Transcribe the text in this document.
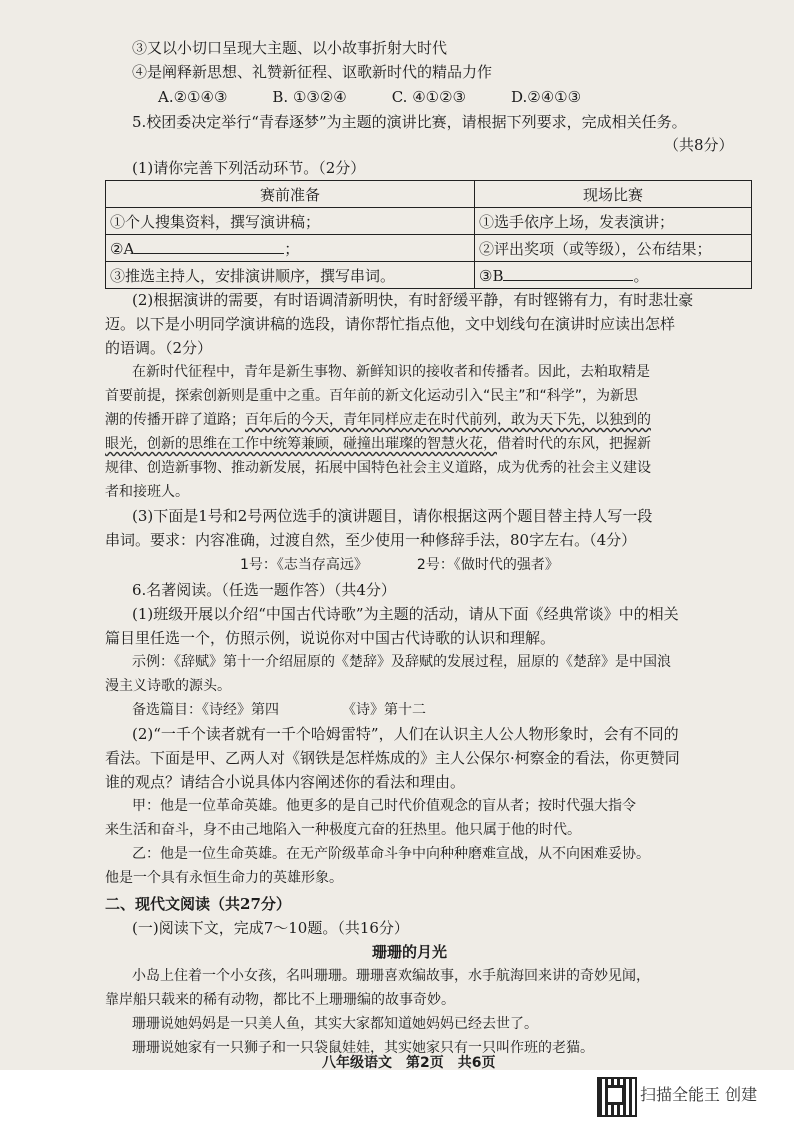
③又以小切口呈现大主题、以小故事折射大时代
④是阐释新思想、礼赞新征程、讴歌新时代的精品力作
A.②①④③　　　B. ①③②④　　　C. ④①②③　　　D.②④①③
5.校团委决定举行“青春逐梦”为主题的演讲比赛，请根据下列要求，完成相关任务。
（共8分）
(1)请你完善下列活动环节。（2分）
赛前准备	现场比赛
①个人搜集资料，撰写演讲稿；	①选手依序上场，发表演讲；
②A ；	②评出奖项（或等级），公布结果；
③推选主持人，安排演讲顺序，撰写串词。	③B 。
(2)根据演讲的需要，有时语调清新明快，有时舒缓平静，有时铿锵有力，有时悲壮豪
迈。以下是小明同学演讲稿的选段，请你帮忙指点他，文中划线句在演讲时应读出怎样
的语调。（2分）
在新时代征程中，青年是新生事物、新鲜知识的接收者和传播者。因此，去粕取精是
首要前提，探索创新则是重中之重。百年前的新文化运动引入“民主”和“科学”，为新思
潮的传播开辟了道路；百年后的今天，青年同样应走在时代前列，敢为天下先，以独到的
眼光，创新的思维在工作中统筹兼顾，碰撞出璀璨的智慧火花，借着时代的东风，把握新
规律、创造新事物、推动新发展，拓展中国特色社会主义道路，成为优秀的社会主义建设
者和接班人。
(3)下面是1号和2号两位选手的演讲题目，请你根据这两个题目替主持人写一段
串词。要求：内容准确，过渡自然，至少使用一种修辞手法，80字左右。（4分）
1号：《志当存高远》　　　　2号：《做时代的强者》
6.名著阅读。（任选一题作答）（共4分）
(1)班级开展以介绍“中国古代诗歌”为主题的活动，请从下面《经典常谈》中的相关
篇目里任选一个，仿照示例，说说你对中国古代诗歌的认识和理解。
示例：《辞赋》第十一介绍屈原的《楚辞》及辞赋的发展过程，屈原的《楚辞》是中国浪
漫主义诗歌的源头。
备选篇目：《诗经》第四　　　　　《诗》第十二
(2)“一千个读者就有一千个哈姆雷特”，人们在认识主人公人物形象时，会有不同的
看法。下面是甲、乙两人对《钢铁是怎样炼成的》主人公保尔·柯察金的看法，你更赞同
谁的观点？请结合小说具体内容阐述你的看法和理由。
甲：他是一位革命英雄。他更多的是自己时代价值观念的盲从者；按时代强大指令
来生活和奋斗，身不由己地陷入一种极度亢奋的狂热里。他只属于他的时代。
乙：他是一位生命英雄。在无产阶级革命斗争中向种种磨难宣战，从不向困难妥协。
他是一个具有永恒生命力的英雄形象。
二、现代文阅读（共27分）
(一)阅读下文，完成7～10题。（共16分）
珊珊的月光
小岛上住着一个小女孩，名叫珊珊。珊珊喜欢编故事，水手航海回来讲的奇妙见闻，
靠岸船只载来的稀有动物，都比不上珊珊编的故事奇妙。
珊珊说她妈妈是一只美人鱼，其实大家都知道她妈妈已经去世了。
珊珊说她家有一只狮子和一只袋鼠娃娃，其实她家只有一只叫作班的老猫。
八年级语文　第2页　共6页
扫描全能王 创建
